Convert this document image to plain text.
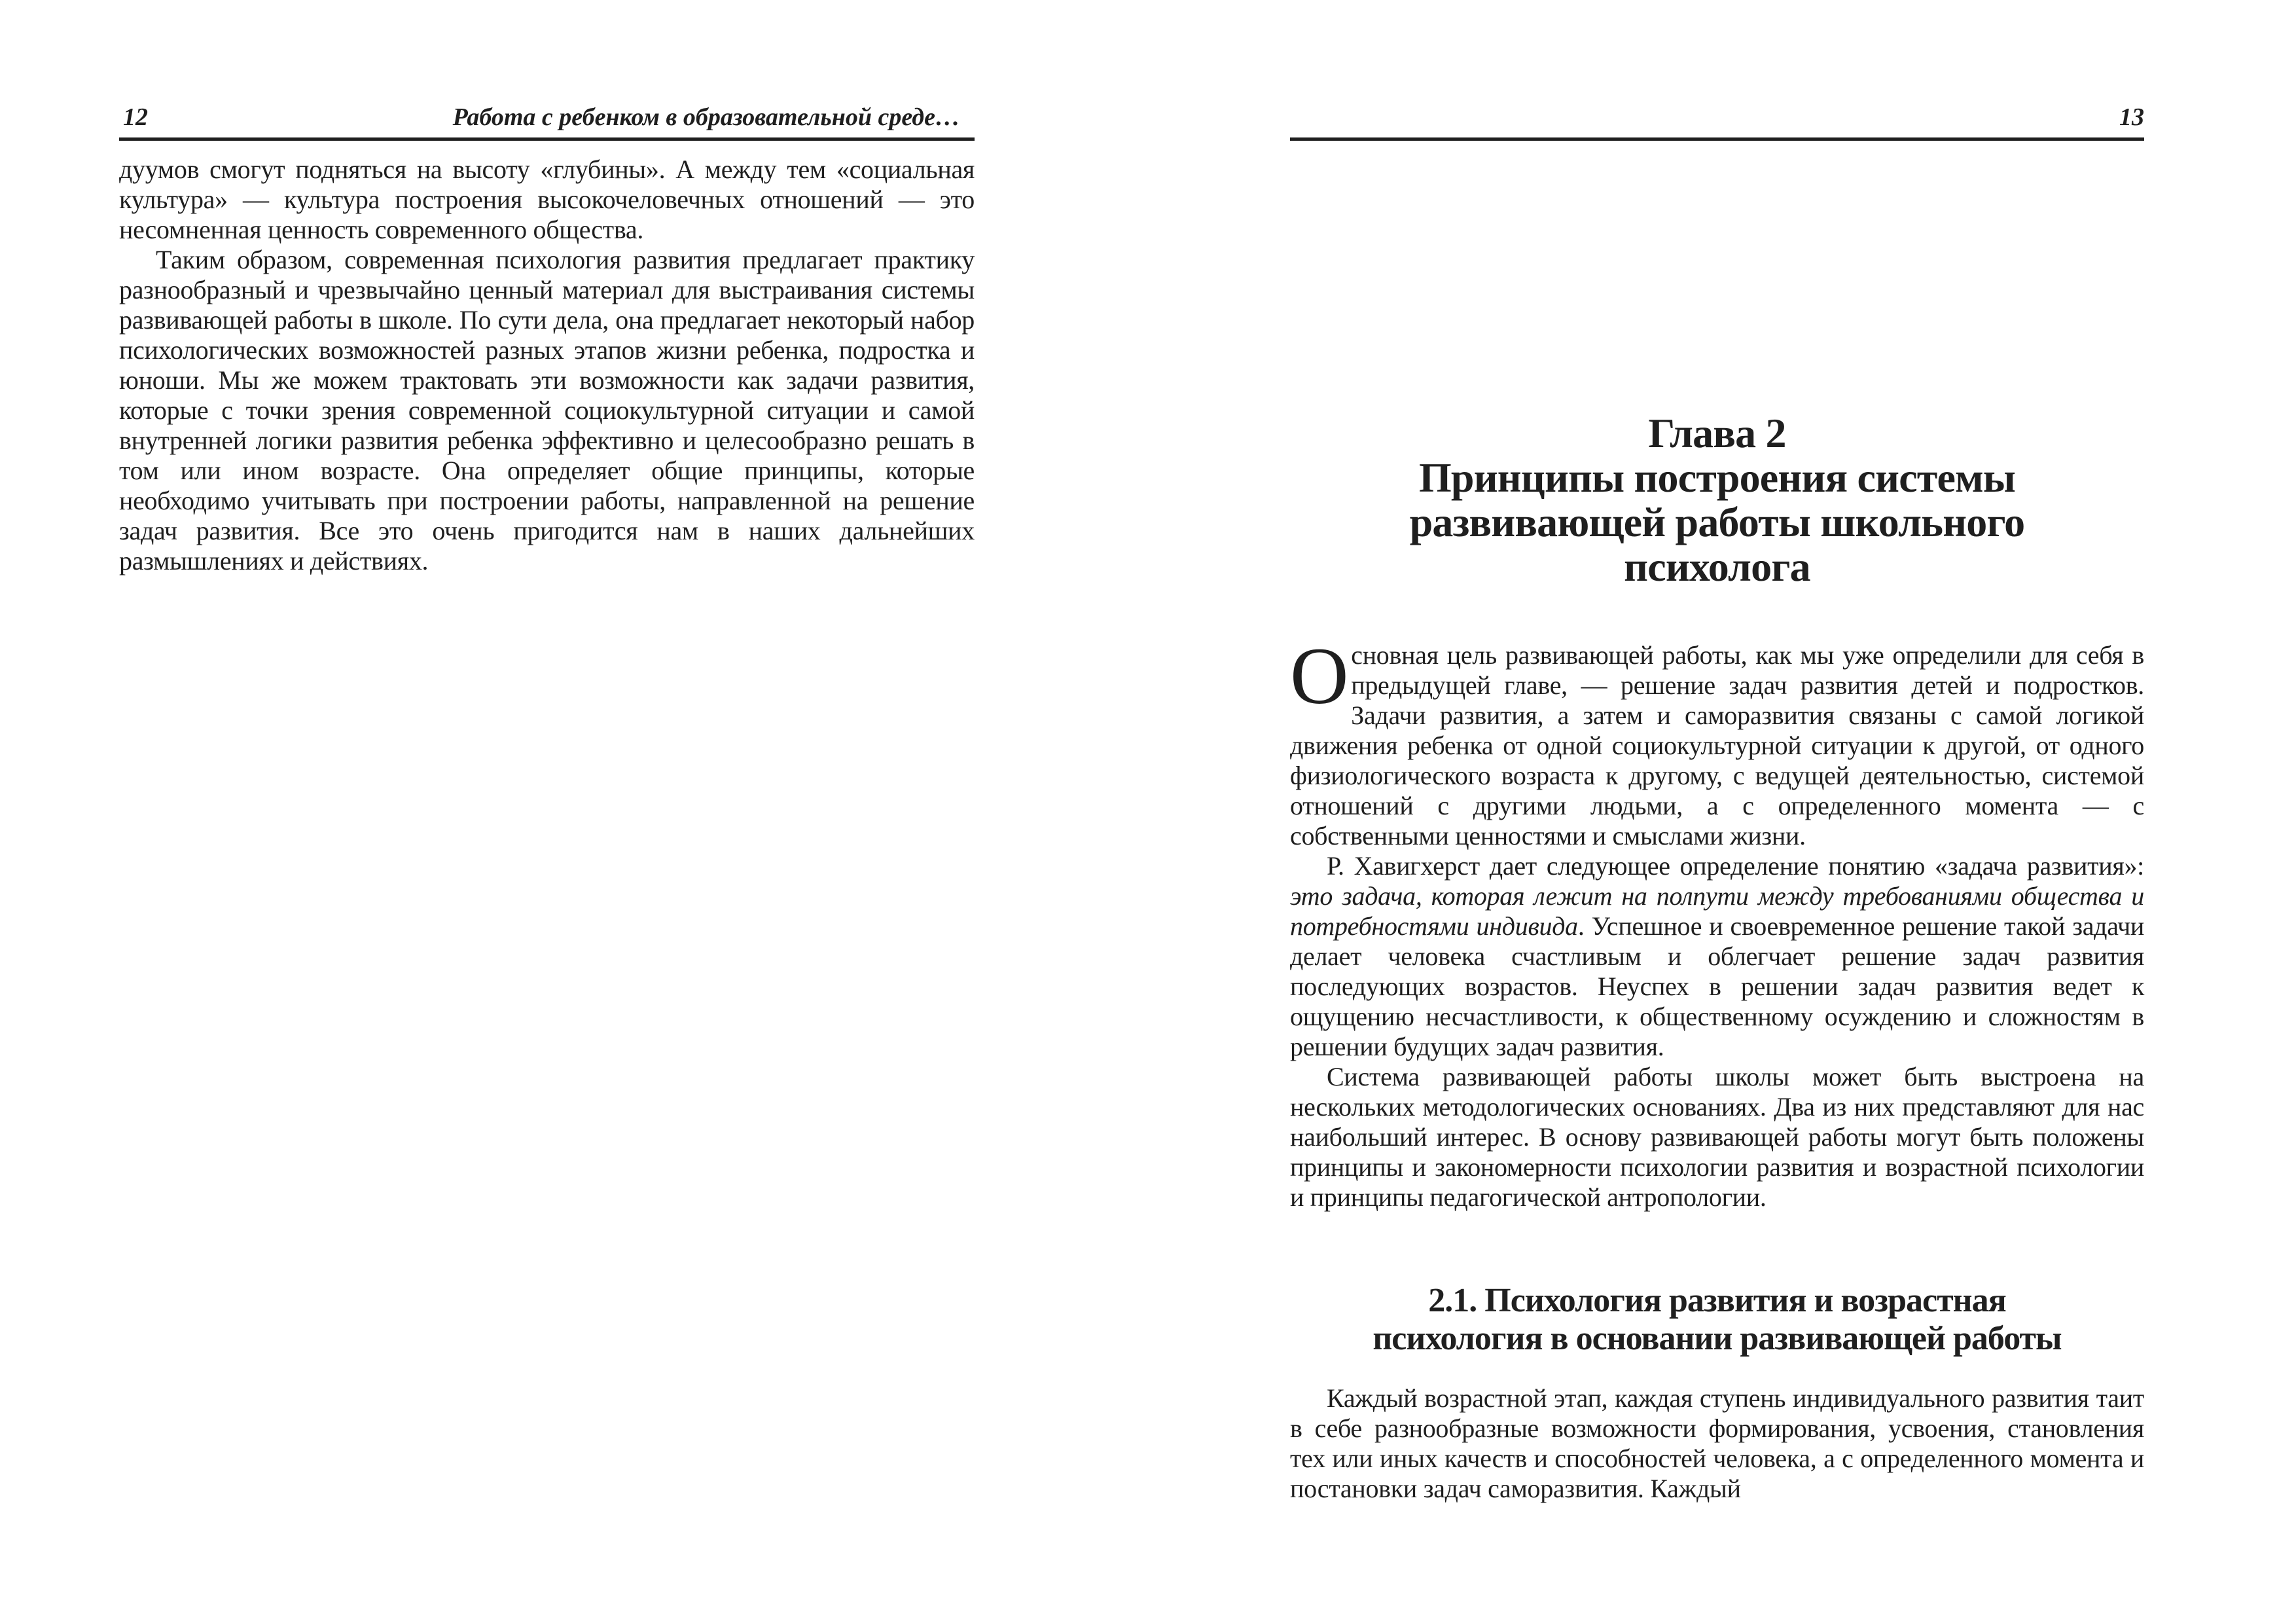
12	Работа с ребенком в образовательной среде…

дуумов смогут подняться на высоту «глубины». А между тем «социальная культура» — культура построения высокочеловечных отношений — это несомненная ценность современного общества.

Таким образом, современная психология развития предлагает практику разнообразный и чрезвычайно ценный материал для выстраивания системы развивающей работы в школе. По сути дела, она предлагает некоторый набор психологических возможностей разных этапов жизни ребенка, подростка и юноши. Мы же можем трактовать эти возможности как задачи развития, которые с точки зрения современной социокультурной ситуации и самой внутренней логики развития ребенка эффективно и целесообразно решать в том или ином возрасте. Она определяет общие принципы, которые необходимо учитывать при построении работы, направленной на решение задач развития. Все это очень пригодится нам в наших дальнейших размышлениях и действиях.

13
Глава 2
Принципы построения системы
развивающей работы школьного
психолога

Основная цель развивающей работы, как мы уже определили для себя в предыдущей главе, — решение задач развития детей и подростков. Задачи развития, а затем и саморазвития связаны с самой логикой движения ребенка от одной социокультурной ситуации к другой, от одного физиологического возраста к другому, с ведущей деятельностью, системой отношений с другими людьми, а с определенного момента — с собственными ценностями и смыслами жизни.

Р. Хавигхерст дает следующее определение понятию «задача развития»: это задача, которая лежит на полпути между требованиями общества и потребностями индивида. Успешное и своевременное решение такой задачи делает человека счастливым и облегчает решение задач развития последующих возрастов. Неуспех в решении задач развития ведет к ощущению несчастливости, к общественному осуждению и сложностям в решении будущих задач развития.

Система развивающей работы школы может быть выстроена на нескольких методологических основаниях. Два из них представляют для нас наибольший интерес. В основу развивающей работы могут быть положены принципы и закономерности психологии развития и возрастной психологии и принципы педагогической антропологии.

2.1. Психология развития и возрастная
психология в основании развивающей работы

Каждый возрастной этап, каждая ступень индивидуального развития таит в себе разнообразные возможности формирования, усвоения, становления тех или иных качеств и способностей человека, а с определенного момента и постановки задач саморазвития. Каждый
